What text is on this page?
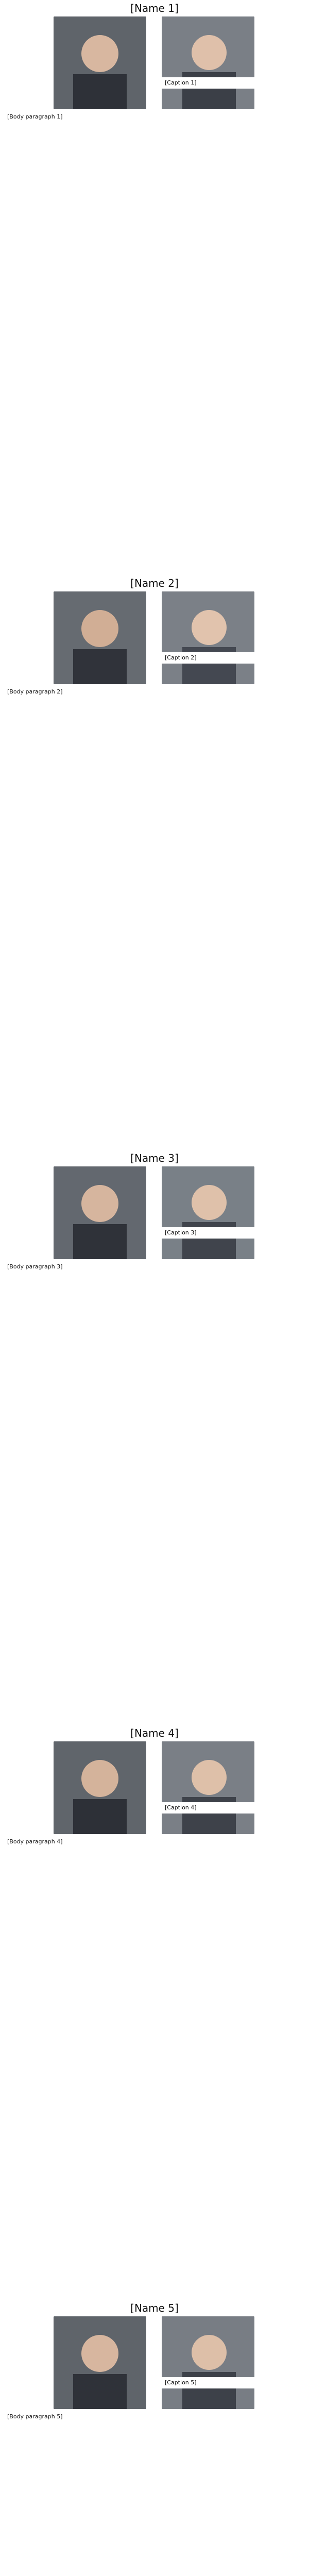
[Name 1]
[Caption 1]
[Body paragraph 1]
[Name 2]
[Caption 2]
[Body paragraph 2]
[Name 3]
[Caption 3]
[Body paragraph 3]
[Name 4]
[Caption 4]
[Body paragraph 4]
[Name 5]
[Caption 5]
[Body paragraph 5]
